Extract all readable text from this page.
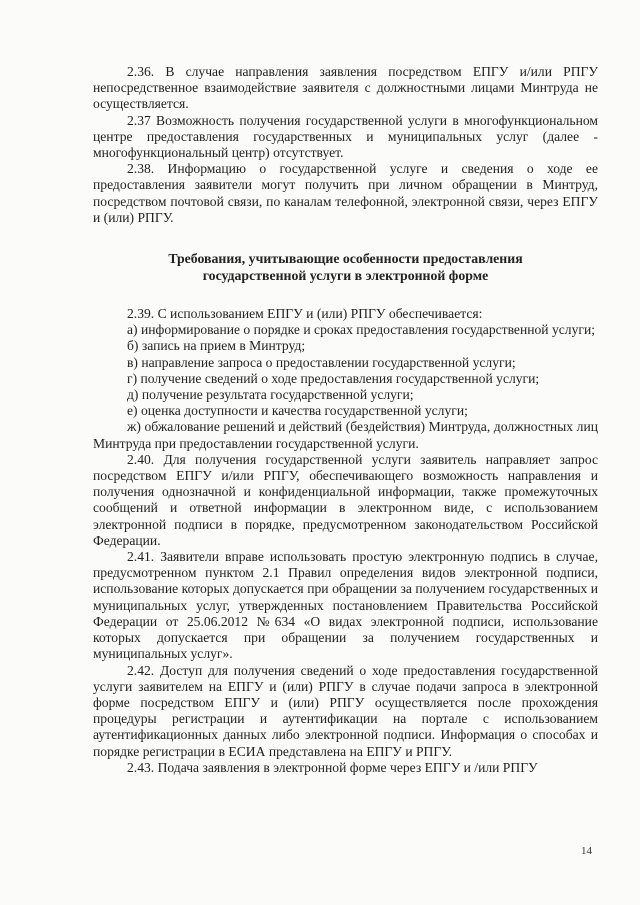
2.36. В случае направления заявления посредством ЕПГУ и/или РПГУ непосредственное взаимодействие заявителя с должностными лицами Минтруда не осуществляется.

2.37 Возможность получения государственной услуги в многофункциональном центре предоставления государственных и муниципальных услуг (далее - многофункциональный центр) отсутствует.

2.38. Информацию о государственной услуге и сведения о ходе ее предоставления заявители могут получить при личном обращении в Минтруд, посредством почтовой связи, по каналам телефонной, электронной связи, через ЕПГУ и (или) РПГУ.

Требования, учитывающие особенности предоставления
государственной услуги в электронной форме

2.39. С использованием ЕПГУ и (или) РПГУ обеспечивается:

а) информирование о порядке и сроках предоставления государственной услуги;

б) запись на прием в Минтруд;

в) направление запроса о предоставлении государственной услуги;

г) получение сведений о ходе предоставления государственной услуги;

д) получение результата государственной услуги;

е) оценка доступности и качества государственной услуги;

ж) обжалование решений и действий (бездействия) Минтруда, должностных лиц Минтруда при предоставлении государственной услуги.

2.40. Для получения государственной услуги заявитель направляет запрос посредством ЕПГУ и/или РПГУ, обеспечивающего возможность направления и получения однозначной и конфиденциальной информации, также промежуточных сообщений и ответной информации в электронном виде, с использованием электронной подписи в порядке, предусмотренном законодательством Российской Федерации.

2.41. Заявители вправе использовать простую электронную подпись в случае, предусмотренном пунктом 2.1 Правил определения видов электронной подписи, использование которых допускается при обращении за получением государственных и муниципальных услуг, утвержденных постановлением Правительства Российской Федерации от 25.06.2012 №634 «О видах электронной подписи, использование которых допускается при обращении за получением государственных и муниципальных услуг».

2.42. Доступ для получения сведений о ходе предоставления государственной услуги заявителем на ЕПГУ и (или) РПГУ в случае подачи запроса в электронной форме посредством ЕПГУ и (или) РПГУ осуществляется после прохождения процедуры регистрации и аутентификации на портале с использованием аутентификационных данных либо электронной подписи. Информация о способах и порядке регистрации в ЕСИА представлена на ЕПГУ и РПГУ.

2.43. Подача заявления в электронной форме через ЕПГУ и /или РПГУ

14
